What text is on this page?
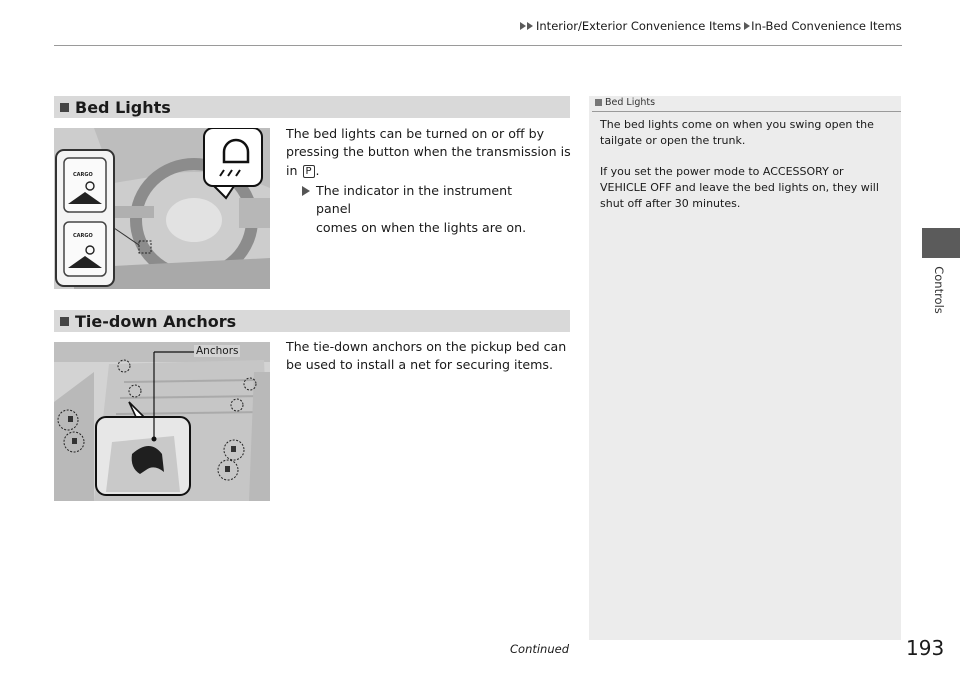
Interior/Exterior Convenience Items In-Bed Convenience Items
Controls
Bed Lights
CARGO
CARGO
The bed lights can be turned on or off by
pressing the button when the transmission is
in P .
The indicator in the instrument panel
comes on when the lights are on.
Tie-down Anchors
Anchors	The tie-down anchors on the pickup bed can
be used to install a net for securing items.
Bed Lights
The bed lights come on when you swing open the
tailgate or open the trunk.
If you set the power mode to ACCESSORY or
VEHICLE OFF and leave the bed lights on, they will
shut off after 30 minutes.
Continued	193
